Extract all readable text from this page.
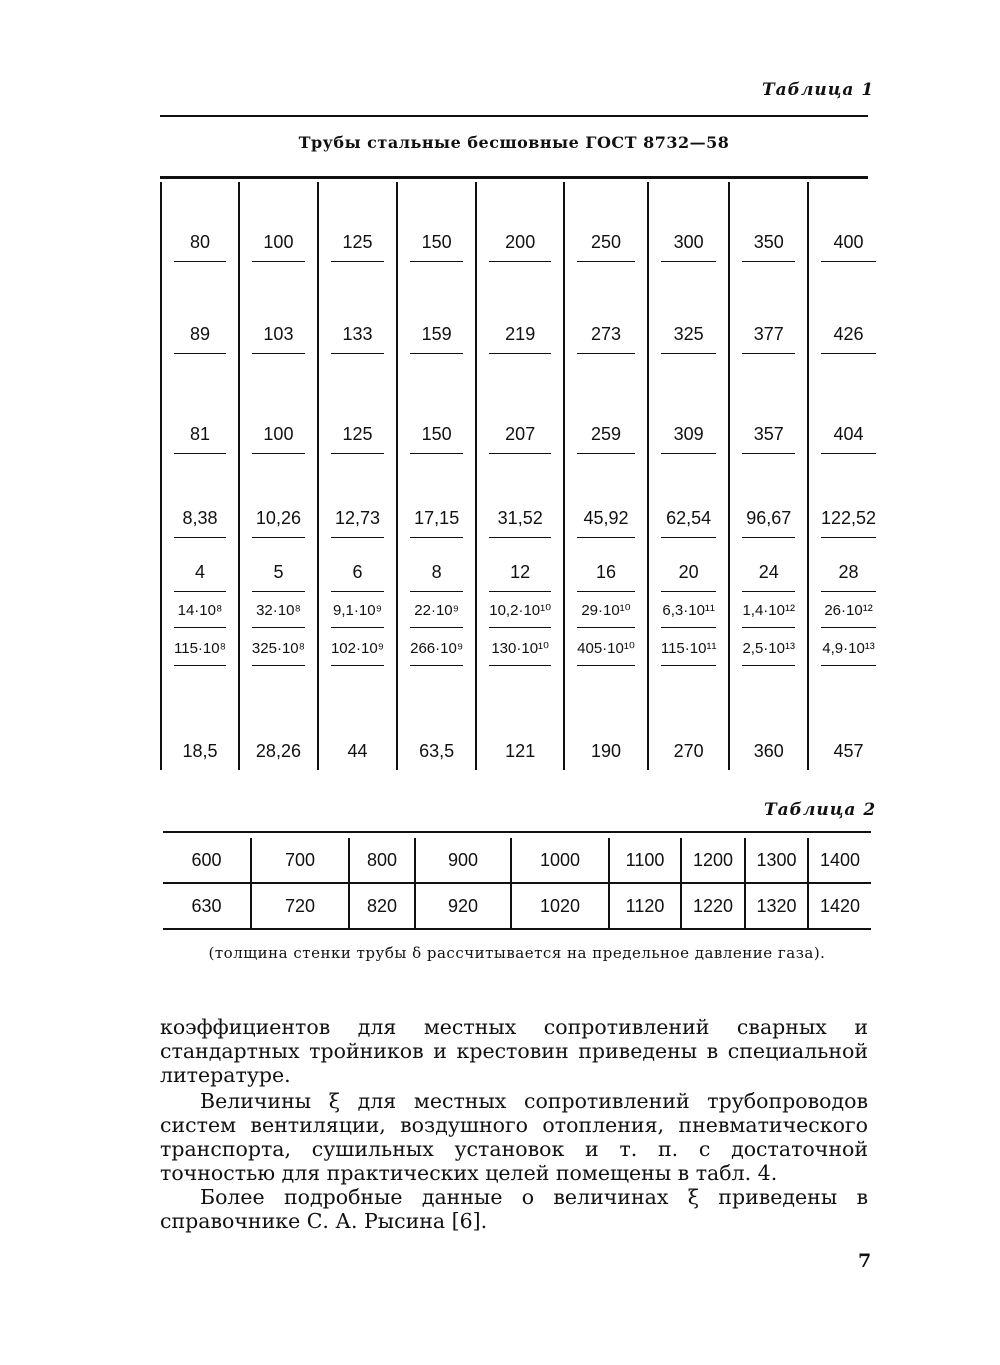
Таблица 1
Трубы стальные бесшовные ГОСТ 8732—58
80	100	125	150	200	250	300	350	400

89	103	133	159	219	273	325	377	426

81	100	125	150	207	259	309	357	404

8,38	10,26	12,73	17,15	31,52	45,92	62,54	96,67	122,52

4	5	6	8	12	16	20	24	28

14·10⁸	32·10⁸	9,1·10⁹	22·10⁹	10,2·10¹⁰	29·10¹⁰	6,3·10¹¹	1,4·10¹²	26·10¹²

115·10⁸	325·10⁸	102·10⁹	266·10⁹	130·10¹⁰	405·10¹⁰	115·10¹¹	2,5·10¹³	4,9·10¹³

18,5	28,26	44	63,5	121	190	270	360	457
Таблица 2
600	700	800	900	1000	1100	1200	1300	1400
630	720	820	920	1020	1120	1220	1320	1420
(толщина стенки трубы δ рассчитывается на предельное давление газа).

коэффициентов для местных сопротивлений сварных и стандартных тройников и крестовин приведены в специальной литературе.

Величины ξ для местных сопротивлений трубопроводов систем вентиляции, воздушного отопления, пневматического транспорта, сушильных установок и т. п. с достаточной точностью для практических целей помещены в табл. 4.

Более подробные данные о величинах ξ приведены в справочнике С. А. Рысина [6].

7
